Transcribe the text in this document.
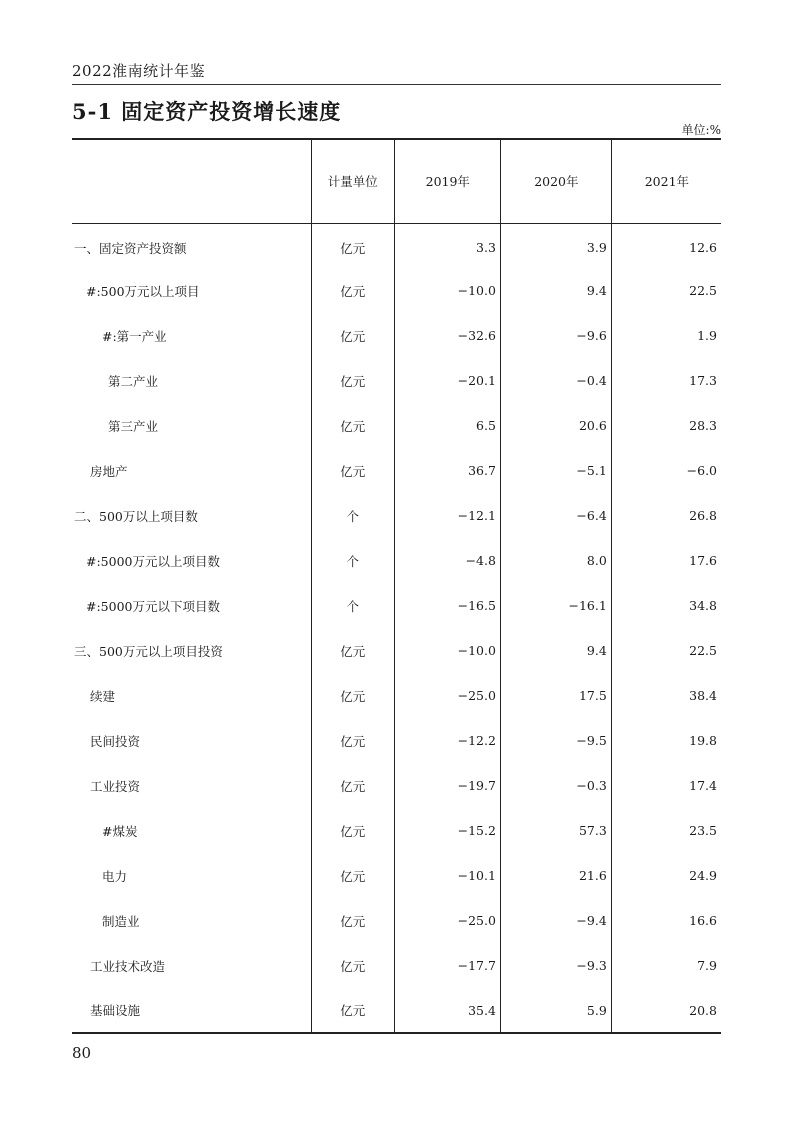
2022淮南统计年鉴
5-1 固定资产投资增长速度
单位:%
	计量单位	2019年	2020年	2021年
一、固定资产投资额	亿元	3.3	3.9	12.6
#:500万元以上项目	亿元	−10.0	9.4	22.5
#:第一产业	亿元	−32.6	−9.6	1.9
第二产业	亿元	−20.1	−0.4	17.3
第三产业	亿元	6.5	20.6	28.3
房地产	亿元	36.7	−5.1	−6.0
二、500万以上项目数	个	−12.1	−6.4	26.8
#:5000万元以上项目数	个	−4.8	8.0	17.6
#:5000万元以下项目数	个	−16.5	−16.1	34.8
三、500万元以上项目投资	亿元	−10.0	9.4	22.5
续建	亿元	−25.0	17.5	38.4
民间投资	亿元	−12.2	−9.5	19.8
工业投资	亿元	−19.7	−0.3	17.4
#煤炭	亿元	−15.2	57.3	23.5
电力	亿元	−10.1	21.6	24.9
制造业	亿元	−25.0	−9.4	16.6
工业技术改造	亿元	−17.7	−9.3	7.9
基础设施	亿元	35.4	5.9	20.8
80
